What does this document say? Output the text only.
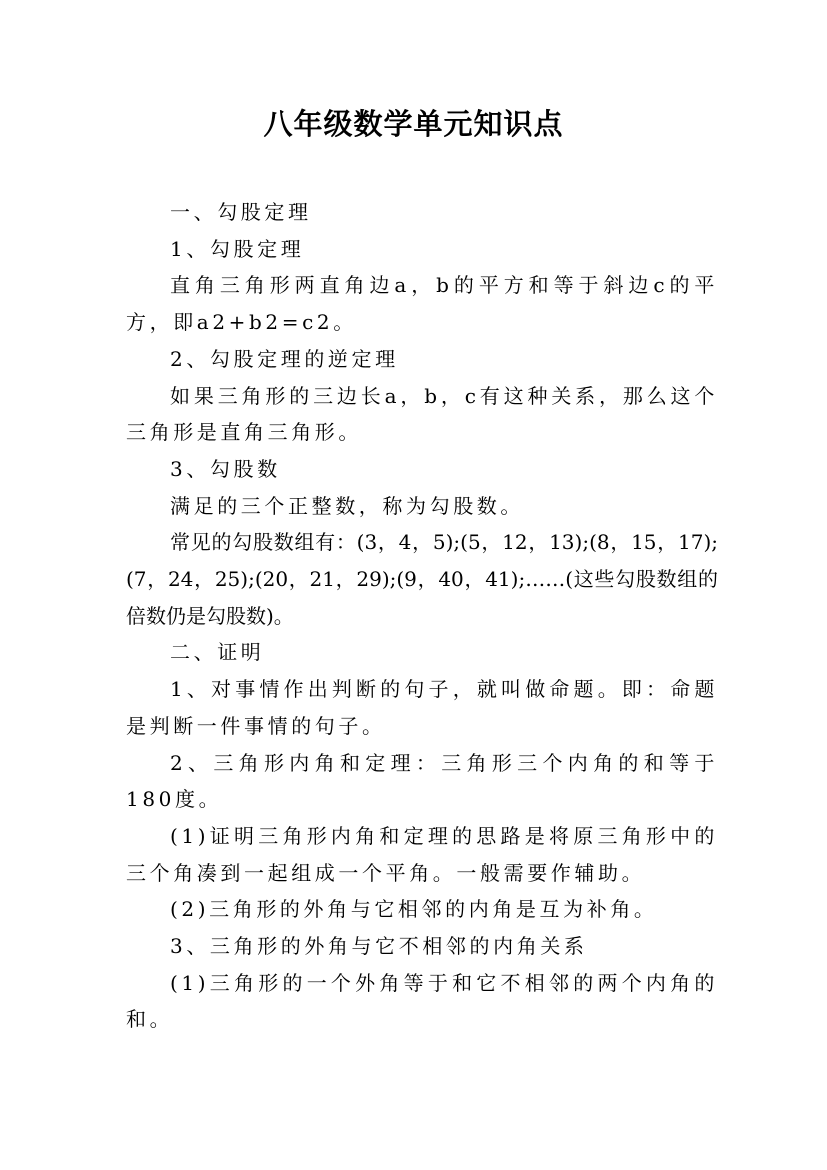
八年级数学单元知识点

一、勾股定理

1、勾股定理

直角三角形两直角边a，b的平方和等于斜边c的平方，即a2+b2=c2。

2、勾股定理的逆定理

如果三角形的三边长a，b，c有这种关系，那么这个三角形是直角三角形。

3、勾股数

满足的三个正整数，称为勾股数。

常见的勾股数组有：(3，4，5);(5，12，13);(8，15，17);(7，24，25);(20，21，29);(9，40，41);……(这些勾股数组的倍数仍是勾股数)。

二、证明

1、对事情作出判断的句子，就叫做命题。即：命题是判断一件事情的句子。

2、三角形内角和定理：三角形三个内角的和等于180度。

(1)证明三角形内角和定理的思路是将原三角形中的三个角凑到一起组成一个平角。一般需要作辅助。

(2)三角形的外角与它相邻的内角是互为补角。

3、三角形的外角与它不相邻的内角关系

(1)三角形的一个外角等于和它不相邻的两个内角的和。
